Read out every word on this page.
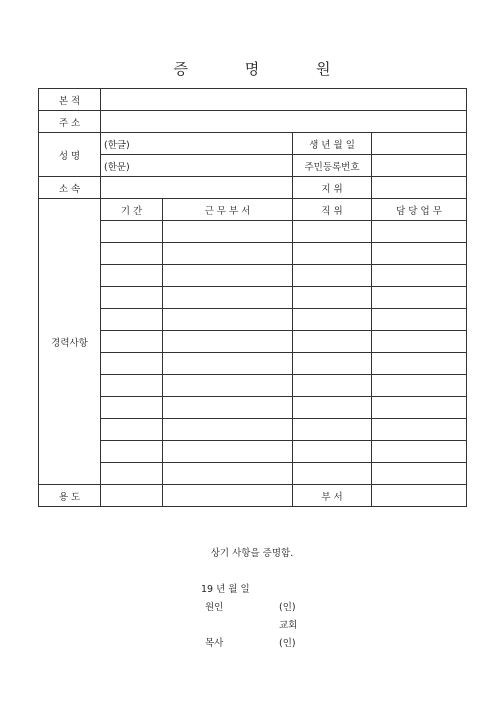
증 명 원
본 적				
주 소				
성 명	(한글)		생 년 월 일	
	(한문)		주민등록번호	
소 속			지 위	
경력사항	기 간	근 무 부 서	직 위	담 당 업 무

용 도			부 서	
상기 사항을 증명함.
19 년 월 일
원인	(인)
교회
목사	(인)
